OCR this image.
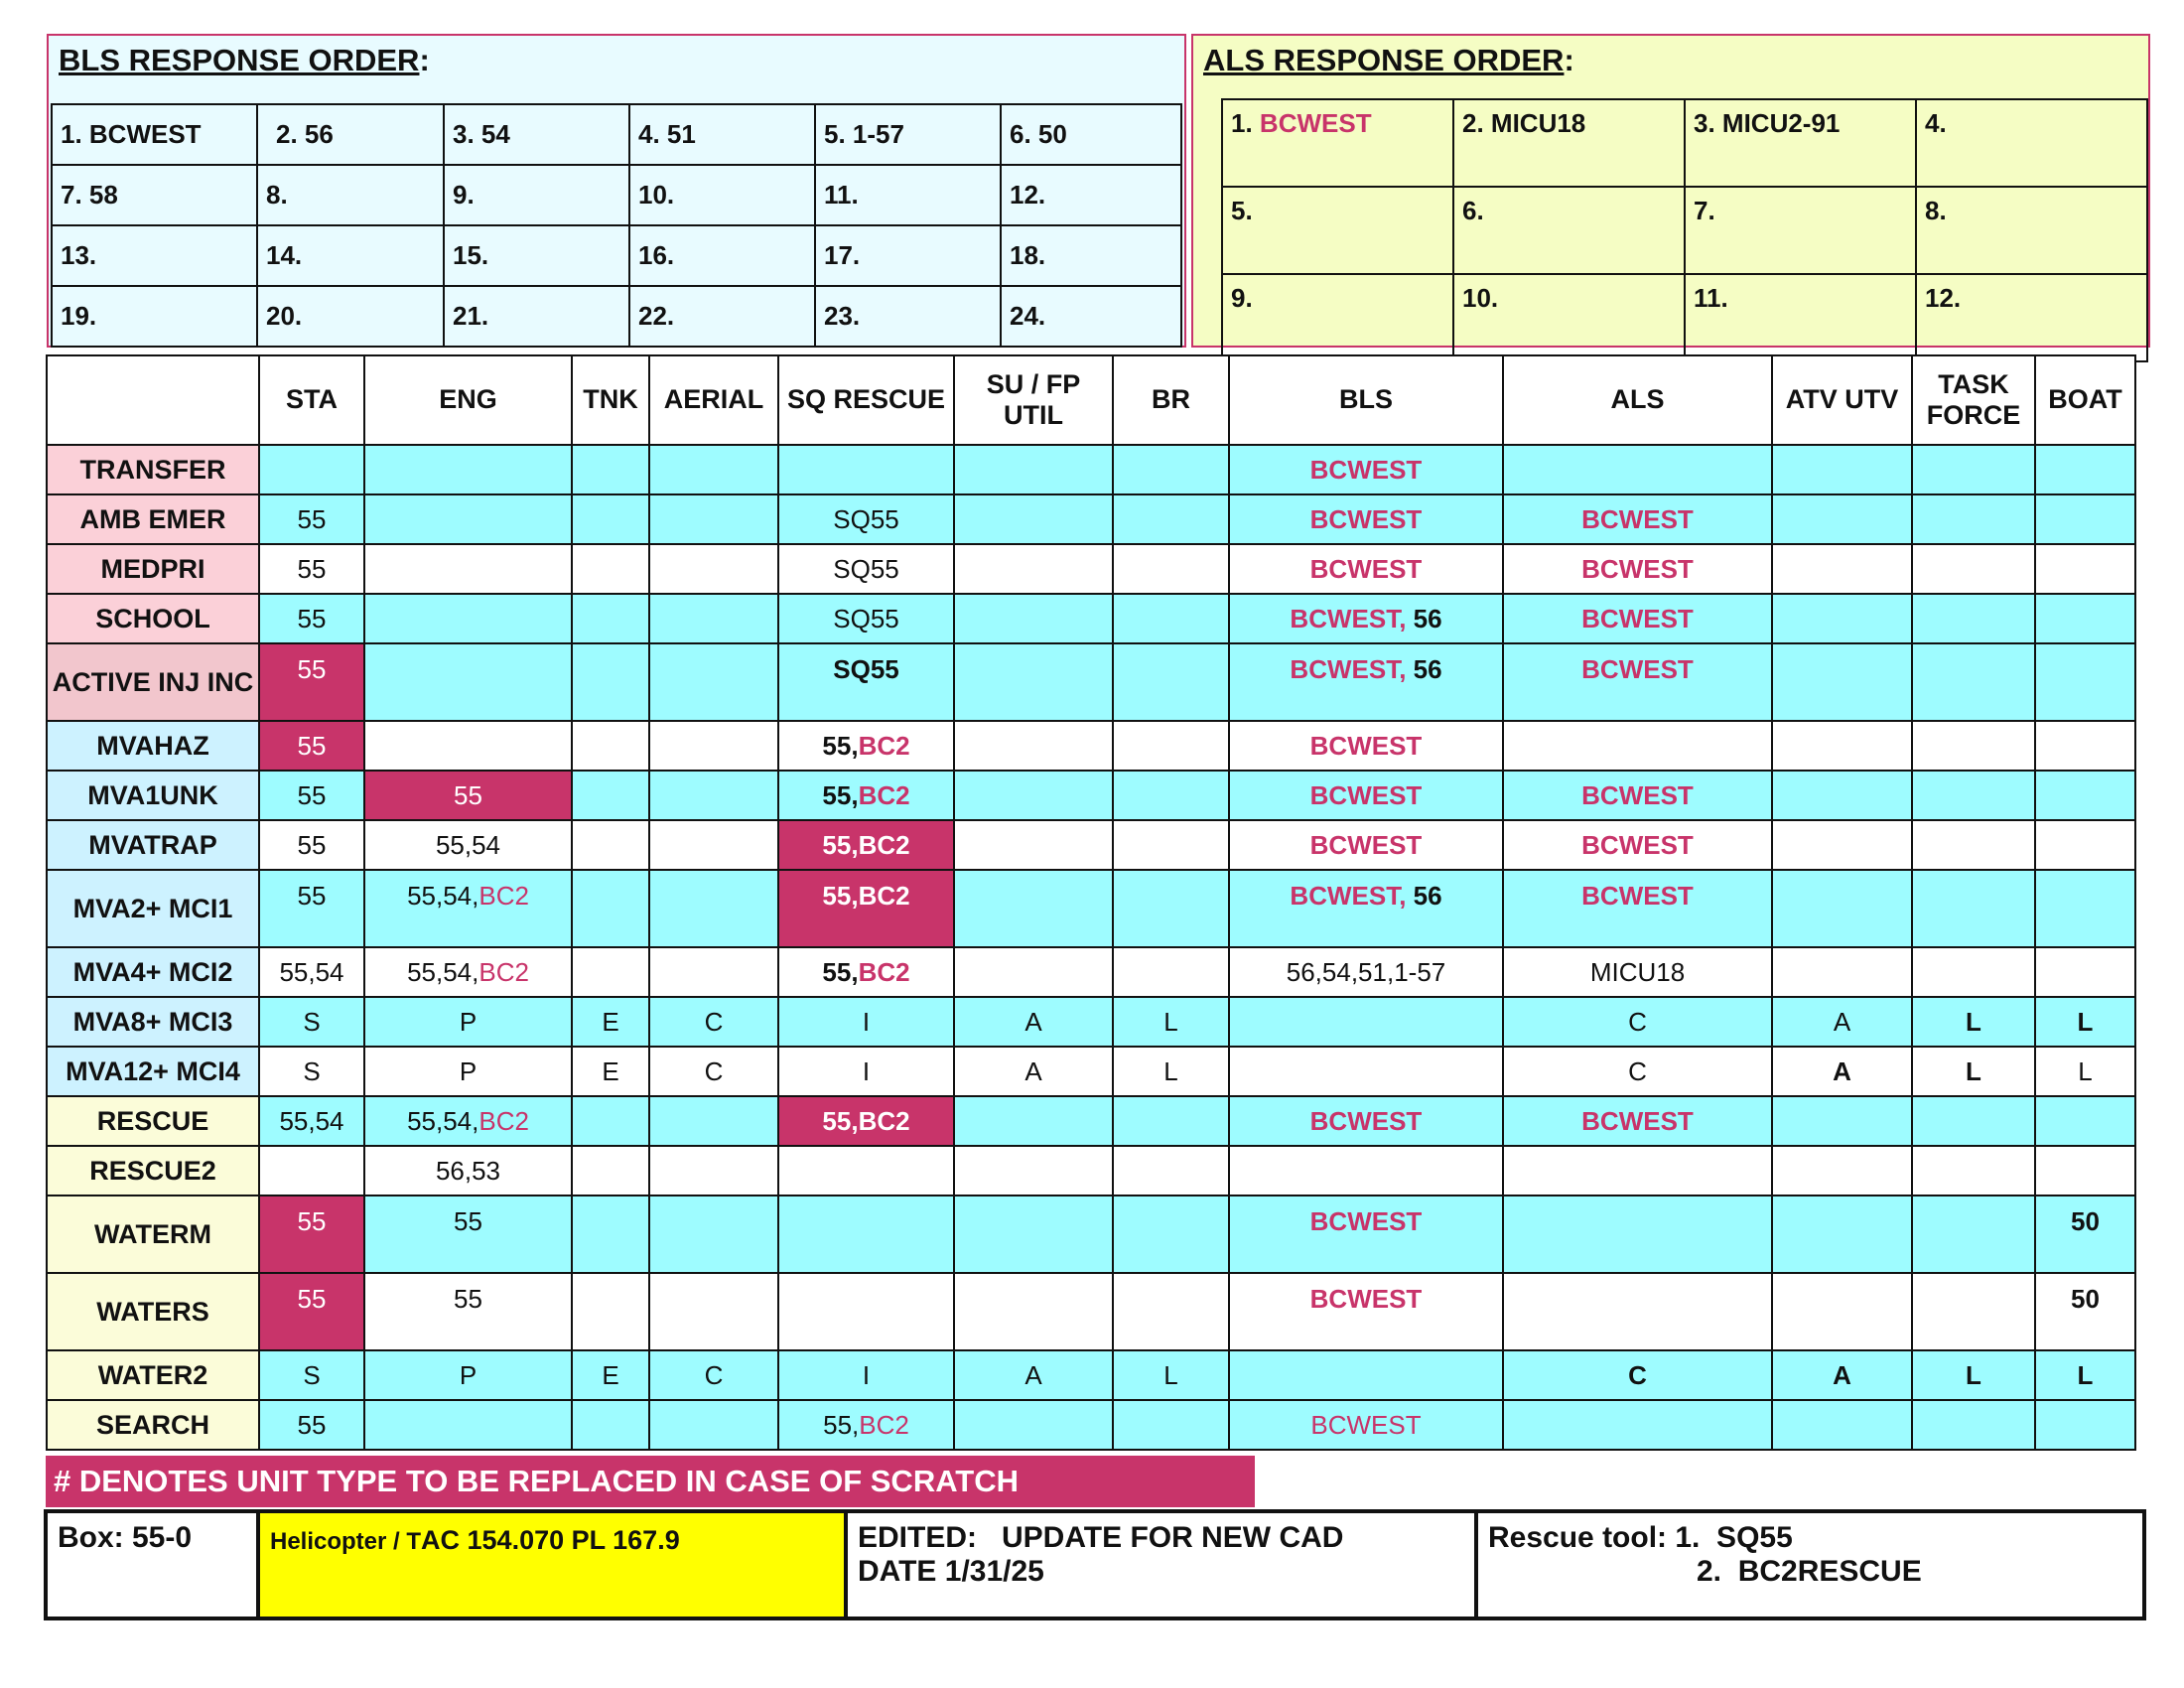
BLS RESPONSE ORDER:
1. BCWEST	2. 56	3. 54	4. 51	5. 1-57	6. 50
7. 58	8.	9.	10.	11.	12.
13.	14.	15.	16.	17.	18.
19.	20.	21.	22.	23.	24.
ALS RESPONSE ORDER:
1. BCWEST	2. MICU18	3. MICU2-91	4.
5.	6.	7.	8.
9.	10.	11.	12.
	STA	ENG	TNK	AERIAL	SQ RESCUE	SU / FP UTIL	BR	BLS	ALS	ATV UTV	TASK FORCE	BOAT
TRANSFER								BCWEST				
AMB EMER	55				SQ55			BCWEST	BCWEST			
MEDPRI	55				SQ55			BCWEST	BCWEST			
SCHOOL	55				SQ55			BCWEST, 56	BCWEST			
ACTIVE INJ INC	55				SQ55			BCWEST, 56	BCWEST			
MVAHAZ	55				55,BC2			BCWEST				
MVA1UNK	55	55			55,BC2			BCWEST	BCWEST			
MVATRAP	55	55,54			55,BC2			BCWEST	BCWEST			
MVA2+ MCI1	55	55,54,BC2			55,BC2			BCWEST, 56	BCWEST			
MVA4+ MCI2	55,54	55,54,BC2			55,BC2			56,54,51,1-57	MICU18			
MVA8+ MCI3	S	P	E	C	I	A	L		C	A	L	L
MVA12+ MCI4	S	P	E	C	I	A	L		C	A	L	L
RESCUE	55,54	55,54,BC2			55,BC2			BCWEST	BCWEST			
RESCUE2		56,53										
WATERM	55	55						BCWEST				50
WATERS	55	55						BCWEST				50
WATER2	S	P	E	C	I	A	L		C	A	L	L
SEARCH	55				55,BC2			BCWEST				
# DENOTES UNIT TYPE TO BE REPLACED IN CASE OF SCRATCH
Box: 55-0	Helicopter / TAC 154.070 PL 167.9	EDITED:   UPDATE FOR NEW CAD
DATE 1/31/25

Rescue tool: 1.  SQ55
2.  BC2RESCUE
